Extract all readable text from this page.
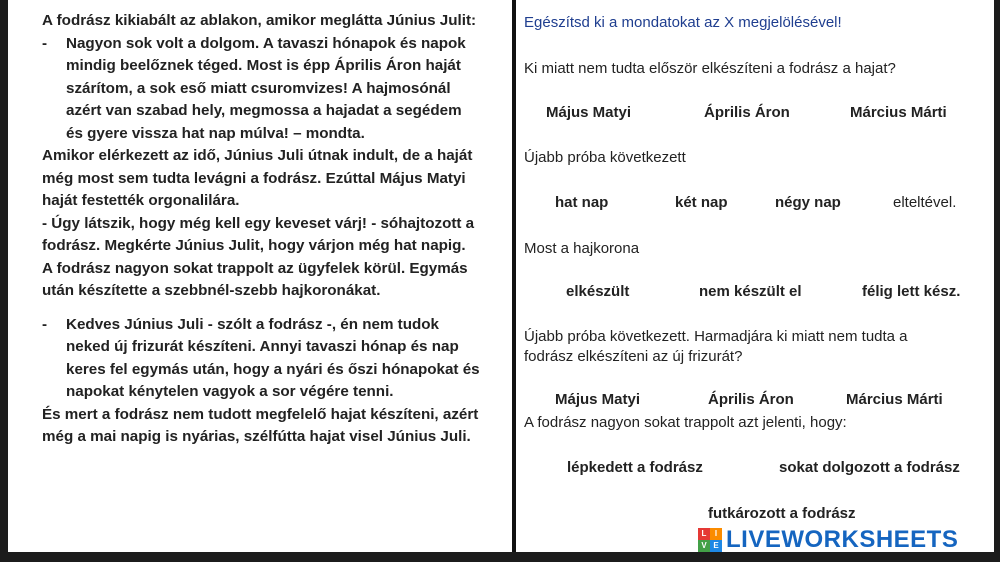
A fodrász kikiabált az ablakon, amikor meglátta Június Julit:

- Nagyon sok volt a dolgom. A tavaszi hónapok és napok mindig beelőznek téged. Most is épp Április Áron haját szárítom, a sok eső miatt csuromvizes! A hajmosónál azért van szabad hely, megmossa a hajadat a segédem és gyere vissza hat nap múlva! – mondta.

Amikor elérkezett az idő, Június Juli útnak indult, de a haját még most sem tudta levágni a fodrász. Ezúttal Május Matyi haját festették orgonalilára.

- Úgy látszik, hogy még kell egy keveset várj! - sóhajtozott a fodrász. Megkérte Június Julit, hogy várjon még hat napig.

A fodrász nagyon sokat trappolt az ügyfelek körül. Egymás után készítette a szebbnél-szebb hajkoronákat.

- Kedves Június Juli - szólt a fodrász -, én nem tudok neked új frizurát készíteni. Annyi tavaszi hónap és nap keres fel egymás után, hogy a nyári és őszi hónapokat és napokat kénytelen vagyok a sor végére tenni.

És mert a fodrász nem tudott megfelelő hajat készíteni, azért még a mai napig is nyárias, szélfútta hajat visel Június Juli.

Egészítsd ki a mondatokat az X megjelölésével!
Ki miatt nem tudta először elkészíteni a fodrász a hajat?
Május Matyi	Április Áron	Március Márti
Újabb próba következett
hat nap	két nap	négy nap	elteltével.
Most a hajkorona
elkészült	nem készült el	félig lett kész.
Újabb próba következett. Harmadjára ki miatt nem tudta a
fodrász elkészíteni az új frizurát?
Május Matyi	Április Áron	Március Márti
A fodrász nagyon sokat trappolt azt jelenti, hogy:
lépkedett a fodrász	sokat dolgozott a fodrász
futkározott a fodrász
L	I
V E LIVEWORKSHEETS
